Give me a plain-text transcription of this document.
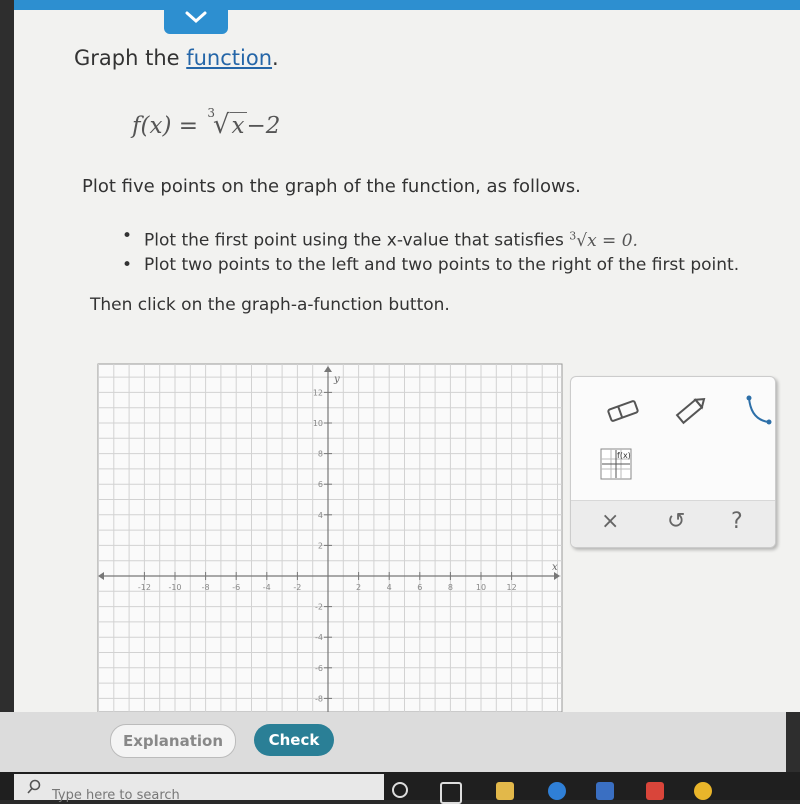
Graph the function.
f(x) = $^3$√x−2
Plot five points on the graph of the function, as follows.
• Plot the first point using the x-value that satisfies $^3$√x = 0.
• Plot two points to the left and two points to the right of the first point.
Then click on the graph-a-function button.
x
y
-12 -10	-8	-6	-4	-2	2	4	6	8	10	12
12
10
8
6
4
2
-2
-4
-6
-8
f(x)
× ↺ ?
Explanation	Check
Type here to search
